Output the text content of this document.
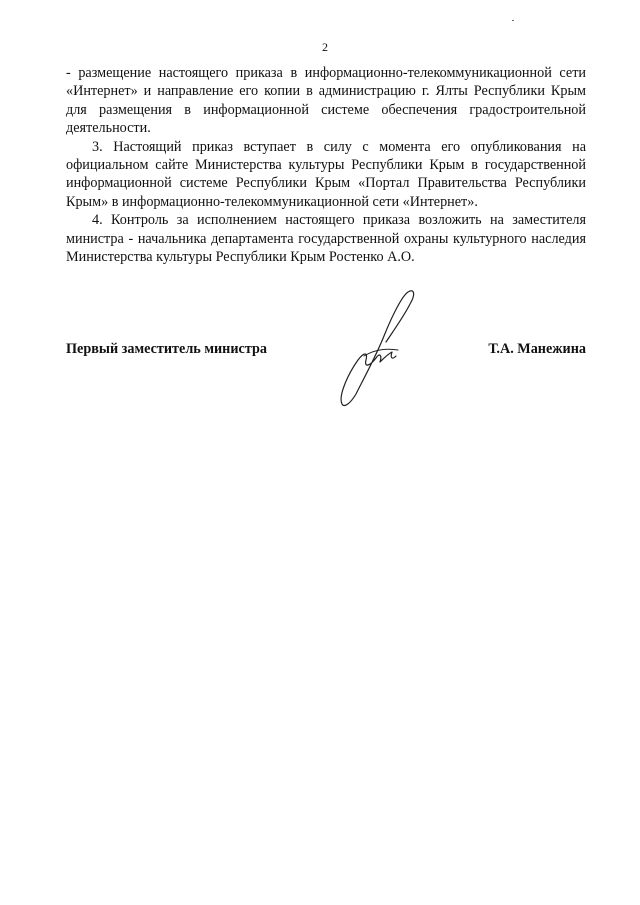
2

- размещение настоящего приказа в информационно-телекоммуникационной сети «Интернет» и направление его копии в администрацию г. Ялты Республики Крым для размещения в информационной системе обеспечения градостроительной деятельности.

3. Настоящий приказ вступает в силу с момента его опубликования на официальном сайте Министерства культуры Республики Крым в государственной информационной системе Республики Крым «Портал Правительства Республики Крым» в информационно-телекоммуникационной сети «Интернет».

4. Контроль за исполнением настоящего приказа возложить на заместителя министра - начальника департамента государственной охраны культурного наследия Министерства культуры Республики Крым Ростенко А.О.

Первый заместитель министра	Т.А. Манежина
